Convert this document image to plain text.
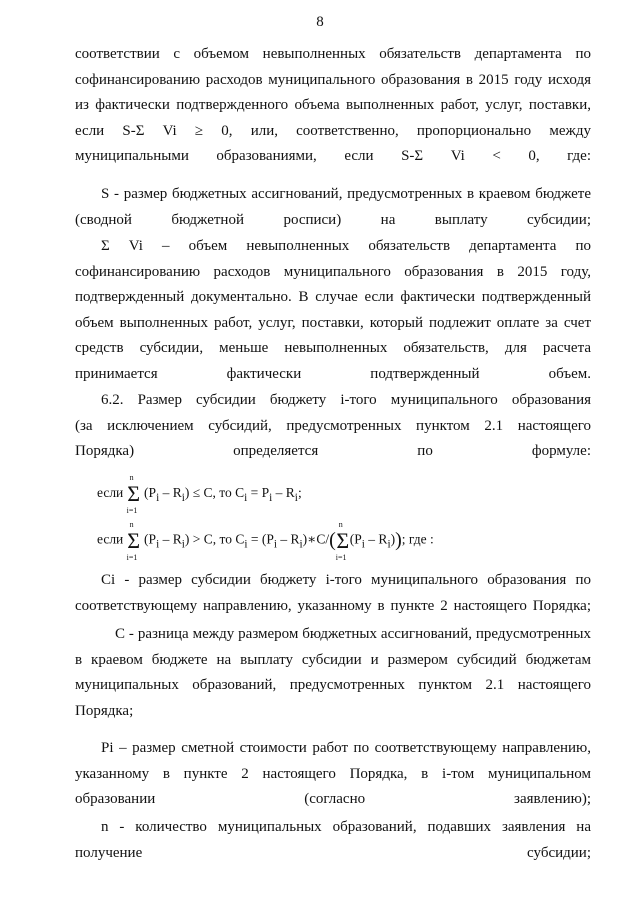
8
соответствии с объемом невыполненных обязательств департамента по
софинансированию расходов муниципального образования в 2015 году исходя
из фактически подтвержденного объема выполненных работ, услуг, поставки,
если S-Σ Vi ≥ 0, или, соответственно, пропорционально между
муниципальными образованиями, если S-Σ Vi < 0, где:
S - размер бюджетных ассигнований, предусмотренных в краевом бюджете
(сводной бюджетной росписи) на выплату субсидии;
Σ Vi – объем невыполненных обязательств департамента по
софинансированию расходов муниципального образования в 2015 году,
подтвержденный документально. В случае если фактически подтвержденный
объем выполненных работ, услуг, поставки, который подлежит оплате за счет
средств субсидии, меньше невыполненных обязательств, для расчета
принимается фактически подтвержденный объем.
6.2. Размер субсидии бюджету i-того муниципального образования
(за исключением субсидий, предусмотренных пунктом 2.1 настоящего
Порядка) определяется по формуле:
если
n
Σ
i=1
$(P_i - R_i) \le C$, то $C_i = P_i - R_i$;
если
n
Σ
i=1
$(P_i - R_i) > C$, то $C_i = (P_i$ – $R_i)∗C/$(
n
Σ
i=1
$(P_i - R_i)$); где :
Ci - размер субсидии бюджету i-того муниципального образования по
соответствующему направлению, указанному в пункте 2 настоящего Порядка;
С - разница между размером бюджетных ассигнований, предусмотренных
в краевом бюджете на выплату субсидии и размером субсидий бюджетам
муниципальных образований, предусмотренных пунктом 2.1 настоящего
Порядка;
Pi – размер сметной стоимости работ по соответствующему направлению,
указанному в пункте 2 настоящего Порядка, в i-том муниципальном
образовании (согласно заявлению);
n - количество муниципальных образований, подавших заявления на
получение субсидии;
